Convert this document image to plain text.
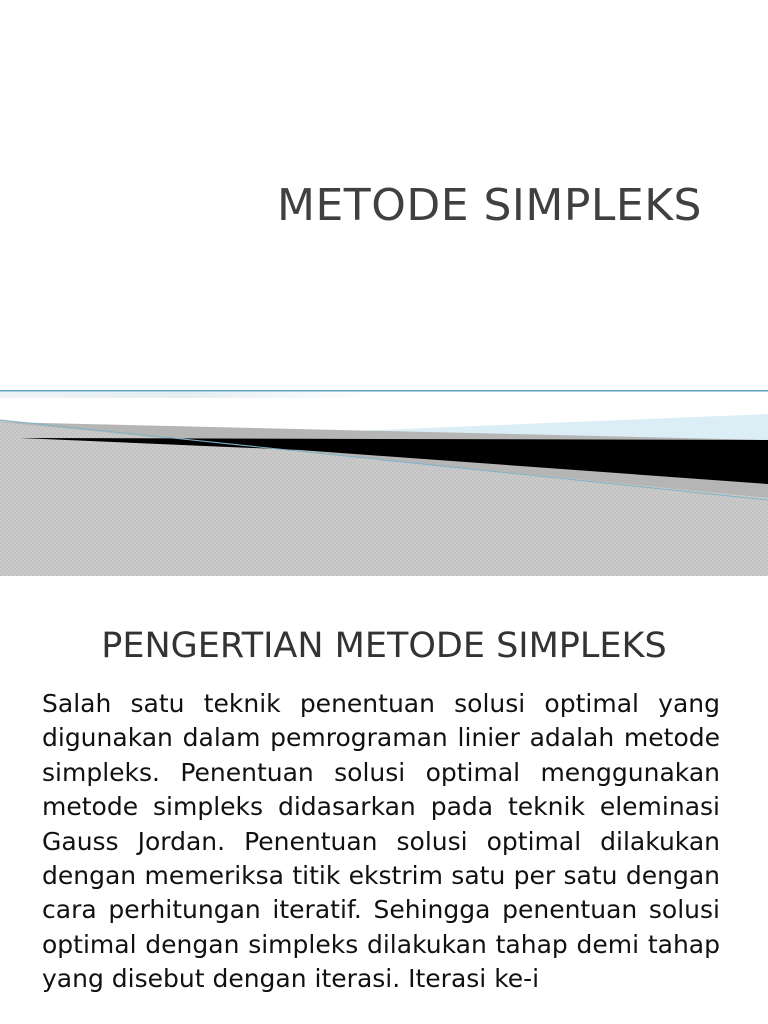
METODE SIMPLEKS
PENGERTIAN METODE SIMPLEKS

Salah satu teknik penentuan solusi optimal yang digunakan dalam pemrograman linier adalah metode simpleks. Penentuan solusi optimal menggunakan metode simpleks didasarkan pada teknik eleminasi Gauss Jordan. Penentuan solusi optimal dilakukan dengan memeriksa titik ekstrim satu per satu dengan cara perhitungan iteratif. Sehingga penentuan solusi optimal dengan simpleks dilakukan tahap demi tahap yang disebut dengan iterasi. Iterasi ke-i
